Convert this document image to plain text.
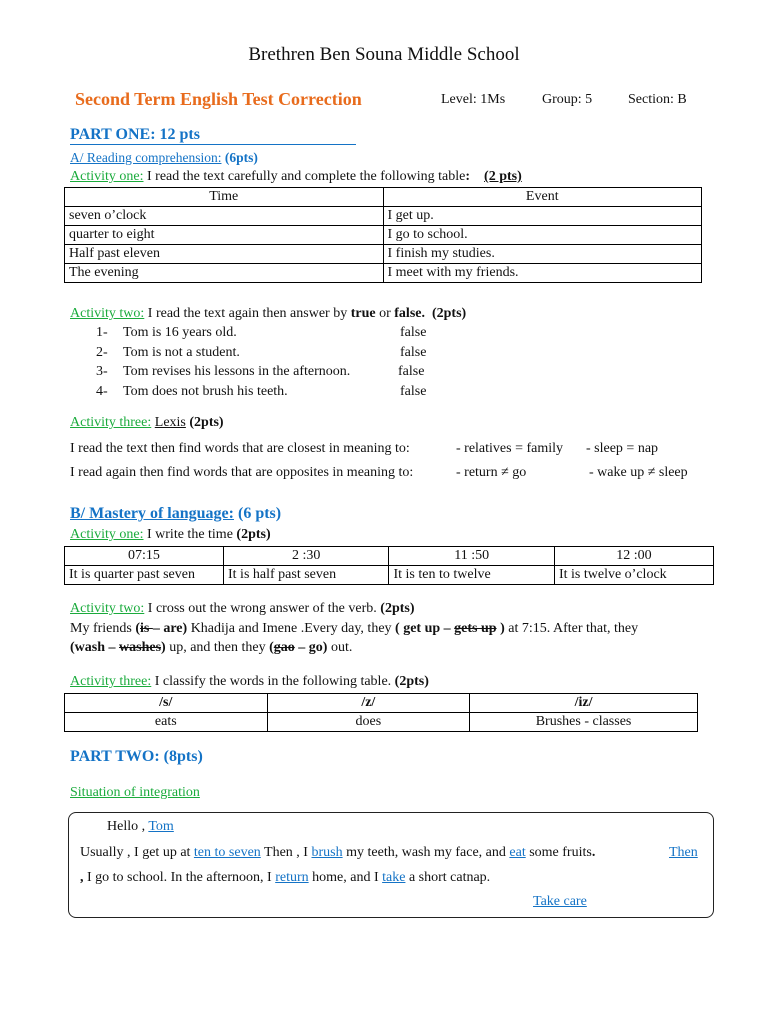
Brethren Ben Souna Middle School
Second Term English Test Correction	Level: 1Ms	Group: 5	Section: B
PART ONE: 12 pts
A/ Reading comprehension: (6pts)
Activity one: I read the text carefully and complete the following table: (2 pts)
Time	Event
seven o’clock	I get up.
quarter to eight	I go to school.
Half past eleven	I finish my studies.
The evening	I meet with my friends.
Activity two: I read the text again then answer by true or false. (2pts)
1- Tom is 16 years old.	false
2- Tom is not a student.	false
3- Tom revises his lessons in the afternoon.	false
4- Tom does not brush his teeth.	false
Activity three: Lexis (2pts)
I read the text then find words that are closest in meaning to:	- relatives = family - sleep = nap
I read again then find words that are opposites in meaning to:	- return ≠ go	- wake up ≠ sleep
B/ Mastery of language: (6 pts)
Activity one: I write the time (2pts)
07:15	2 :30	11 :50	12 :00
It is quarter past seven	It is half past seven	It is ten to twelve	It is twelve o’clock
Activity two: I cross out the wrong answer of the verb. (2pts)
My friends (is – are) Khadija and Imene .Every day, they ( get up – gets up ) at 7:15. After that, they
(wash – washes) up, and then they (gao – go) out.
Activity three: I classify the words in the following table. (2pts)
/s/	/z/	/iz/
eats	does	Brushes - classes
PART TWO: (8pts)
Situation of integration
Hello , Tom
Usually , I get up at ten to seven Then , I brush my teeth, wash my face, and eat some fruits.	Then
, I go to school. In the afternoon, I return home, and I take a short catnap.
Take care
